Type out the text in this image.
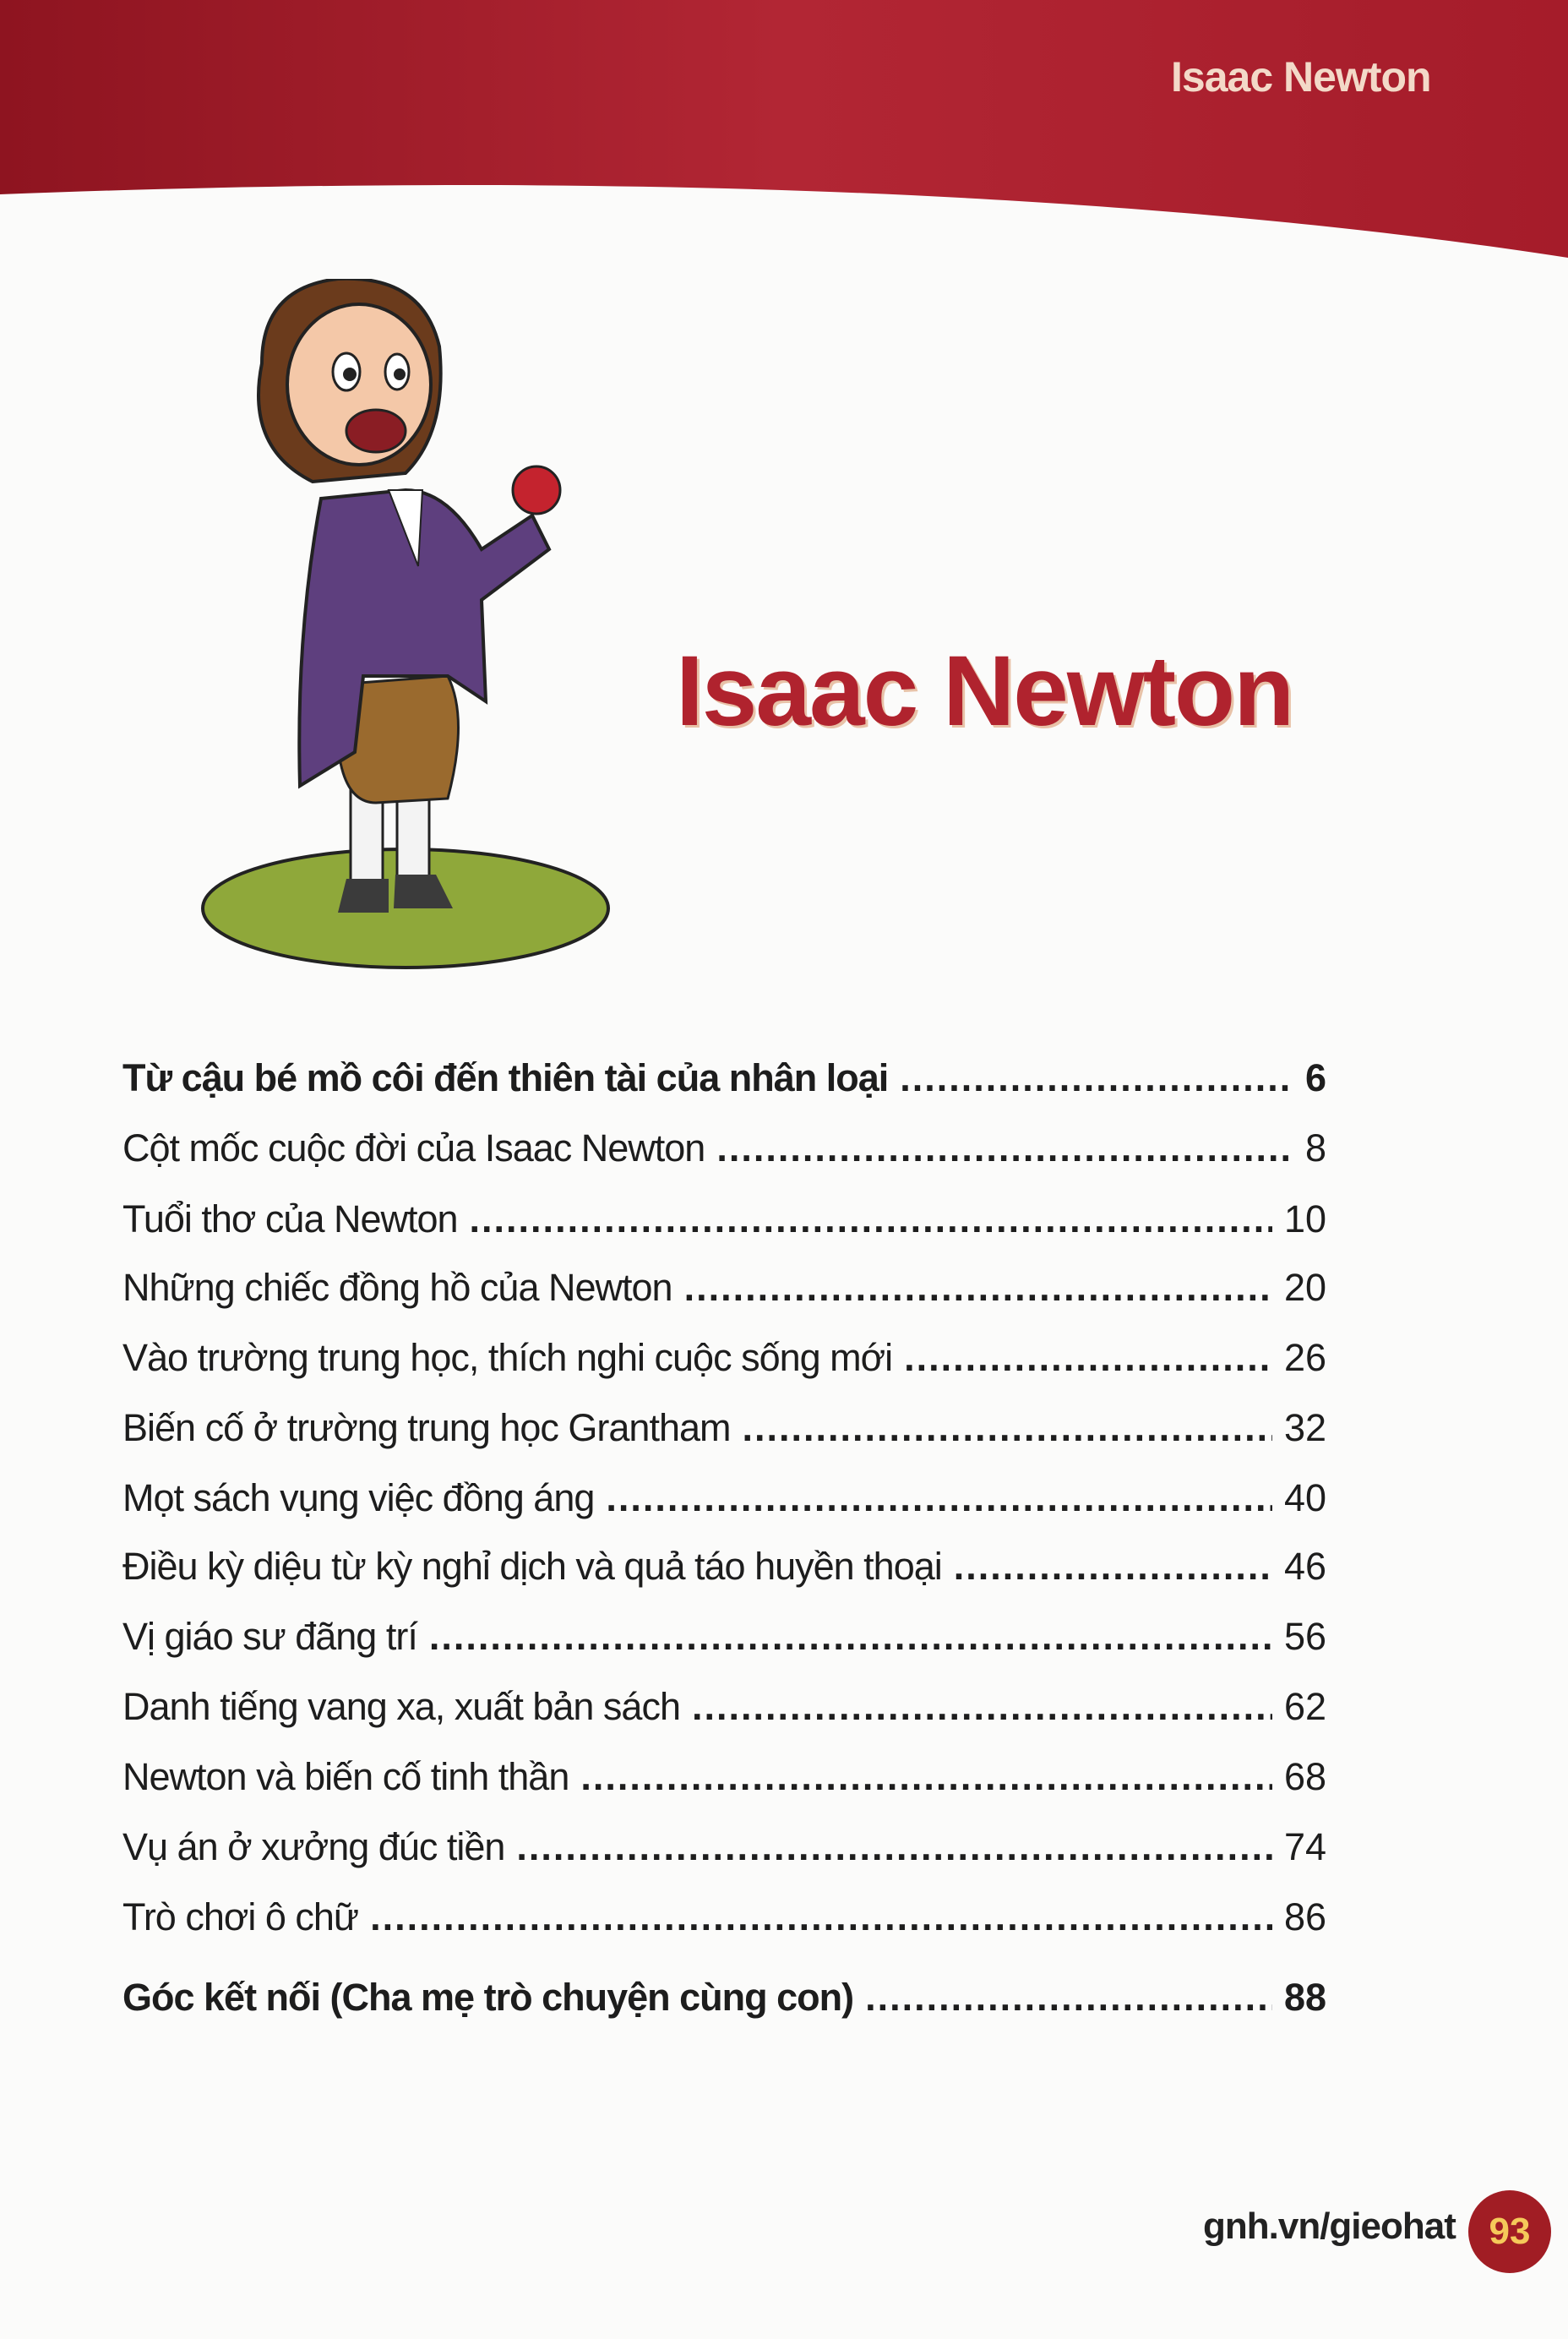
Isaac Newton
Isaac Newton
Từ cậu bé mồ côi đến thiên tài của nhân loại .....	6
Cột mốc cuộc đời của Isaac Newton .....	8
Tuổi thơ của Newton .....	10
Những chiếc đồng hồ của Newton .....	20
Vào trường trung học, thích nghi cuộc sống mới .....	26
Biến cố ở trường trung học Grantham .....	32
Mọt sách vụng việc đồng áng .....	40
Điều kỳ diệu từ kỳ nghỉ dịch và quả táo huyền thoại .....	46
Vị giáo sư đãng trí .....	56
Danh tiếng vang xa, xuất bản sách .....	62
Newton và biến cố tinh thần .....	68
Vụ án ở xưởng đúc tiền .....	74
Trò chơi ô chữ .....	86
Góc kết nối (Cha mẹ trò chuyện cùng con) .....	88
gnh.vn/gieohat 93
